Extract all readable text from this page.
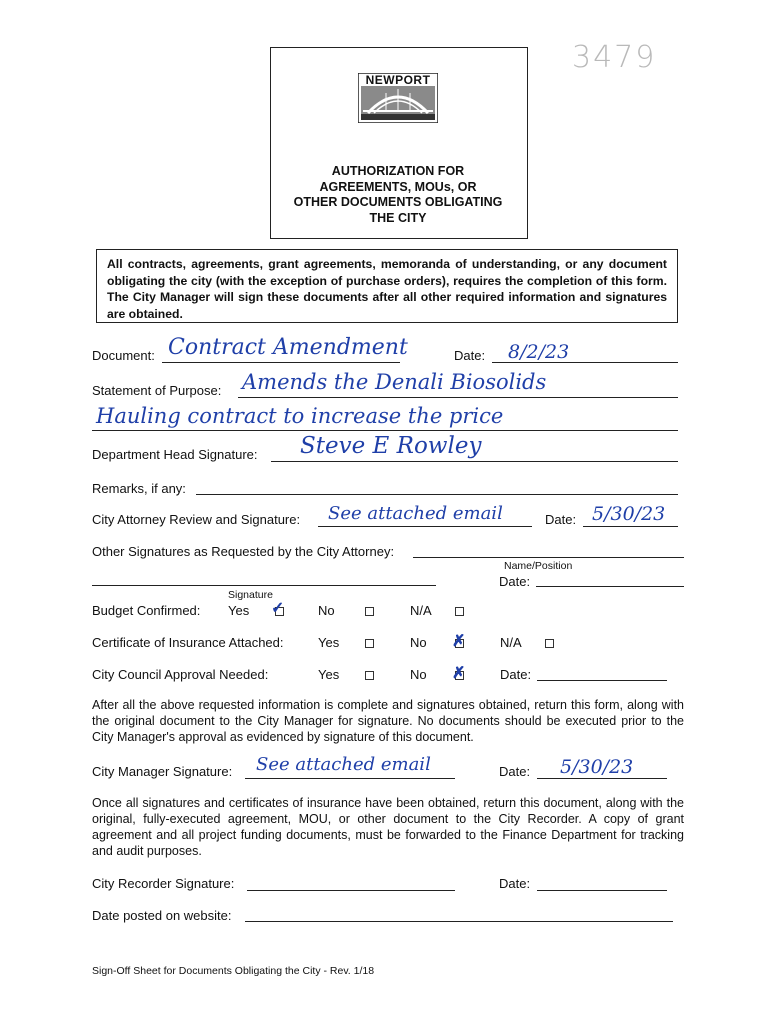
3479
NEWPORT
AUTHORIZATION FOR
AGREEMENTS, MOUs, OR
OTHER DOCUMENTS OBLIGATING
THE CITY
All contracts, agreements, grant agreements, memoranda of understanding, or any document obligating the city (with the exception of purchase orders), requires the completion of this form. The City Manager will sign these documents after all other required information and signatures are obtained.
Document: Contract Amendment	Date: 8/2/23
Statement of Purpose: Amends the Denali Biosolids
Hauling contract to increase the price
Department Head Signature: Steve E Rowley
Remarks, if any:
City Attorney Review and Signature: See attached email	Date: 5/30/23
Other Signatures as Requested by the City Attorney:
Name/Position
Date:
Signature
Budget Confirmed: Yes ✓	No	N/A
Certificate of Insurance Attached:	Yes	No ✗	N/A
City Council Approval Needed:	Yes	No ✗	Date:
After all the above requested information is complete and signatures obtained, return this form, along with the original document to the City Manager for signature. No documents should be executed prior to the City Manager's approval as evidenced by signature of this document.
City Manager Signature: See attached email	Date: 5/30/23
Once all signatures and certificates of insurance have been obtained, return this document, along with the original, fully-executed agreement, MOU, or other document to the City Recorder. A copy of grant agreement and all project funding documents, must be forwarded to the Finance Department for tracking and audit purposes.
City Recorder Signature:	Date:
Date posted on website:
Sign-Off Sheet for Documents Obligating the City - Rev. 1/18
